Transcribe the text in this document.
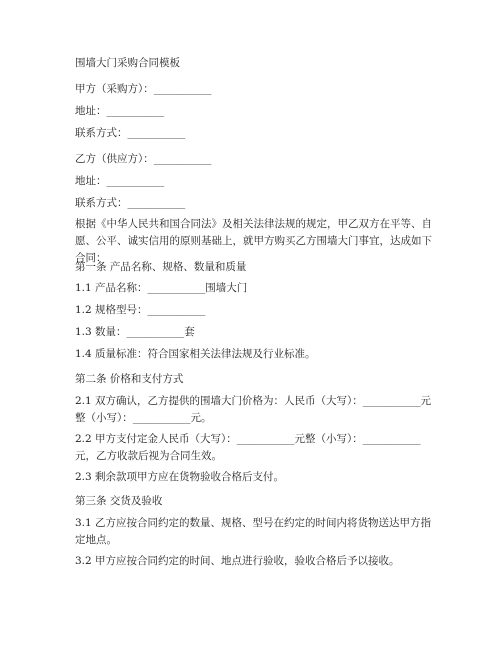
围墙大门采购合同模板
甲方（采购方）：___________
地址：___________
联系方式：___________
乙方（供应方）：___________
地址：___________
联系方式：___________
根据《中华人民共和国合同法》及相关法律法规的规定，甲乙双方在平等、自愿、公平、诚实信用的原则基础上，就甲方购买乙方围墙大门事宜，达成如下合同：
第一条 产品名称、规格、数量和质量
1.1 产品名称：___________围墙大门
1.2 规格型号：___________
1.3 数量：___________套
1.4 质量标准：符合国家相关法律法规及行业标准。
第二条 价格和支付方式
2.1 双方确认，乙方提供的围墙大门价格为：人民币（大写）：___________元整（小写）：___________元。
2.2 甲方支付定金人民币（大写）：___________元整（小写）：___________元，乙方收款后视为合同生效。
2.3 剩余款项甲方应在货物验收合格后支付。
第三条 交货及验收
3.1 乙方应按合同约定的数量、规格、型号在约定的时间内将货物送达甲方指定地点。
3.2 甲方应按合同约定的时间、地点进行验收，验收合格后予以接收。
